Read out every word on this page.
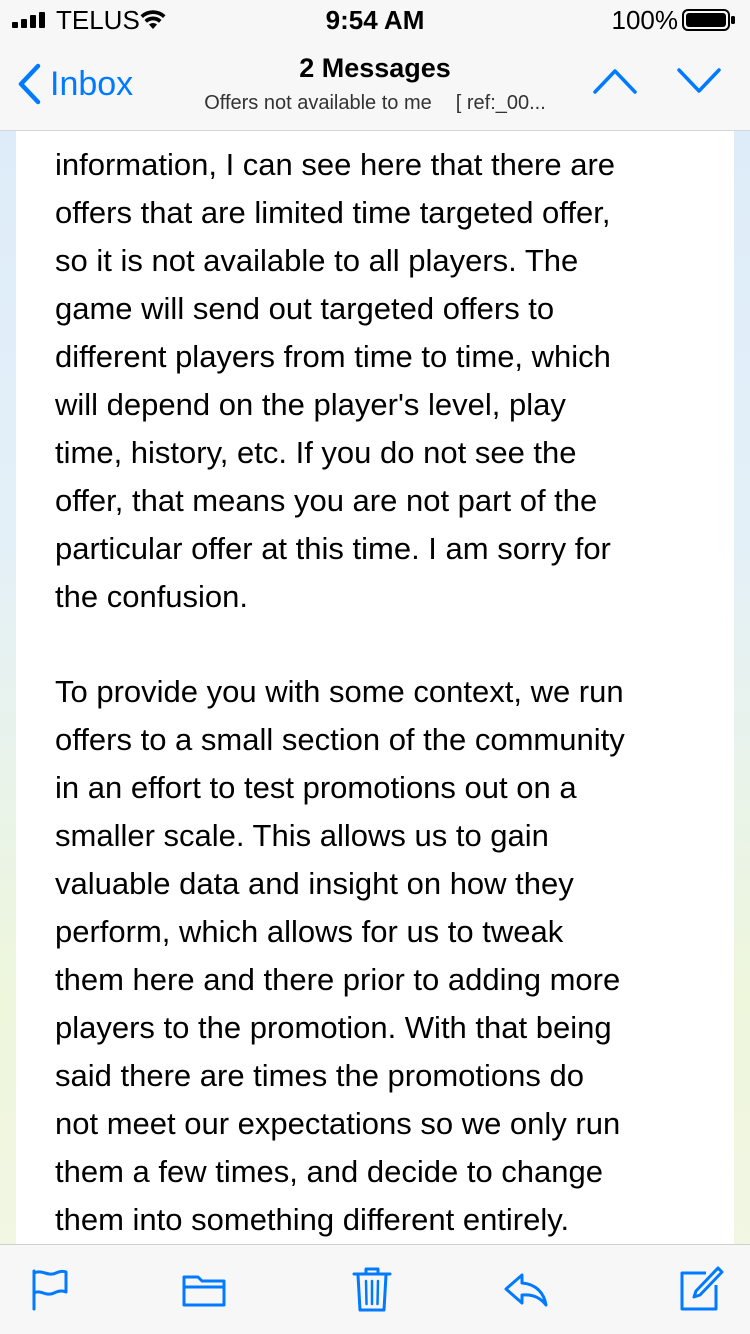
TELUS	9:54 AM	100%
Inbox	2 Messages
Offers not available to me [ ref:_00...

information, I can see here that there are
offers that are limited time targeted offer,
so it is not available to all players. The
game will send out targeted offers to
different players from time to time, which
will depend on the player's level, play
time, history, etc. If you do not see the
offer, that means you are not part of the
particular offer at this time. I am sorry for
the confusion.

To provide you with some context, we run
offers to a small section of the community
in an effort to test promotions out on a
smaller scale. This allows us to gain
valuable data and insight on how they
perform, which allows for us to tweak
them here and there prior to adding more
players to the promotion. With that being
said there are times the promotions do
not meet our expectations so we only run
them a few times, and decide to change
them into something different entirely.
